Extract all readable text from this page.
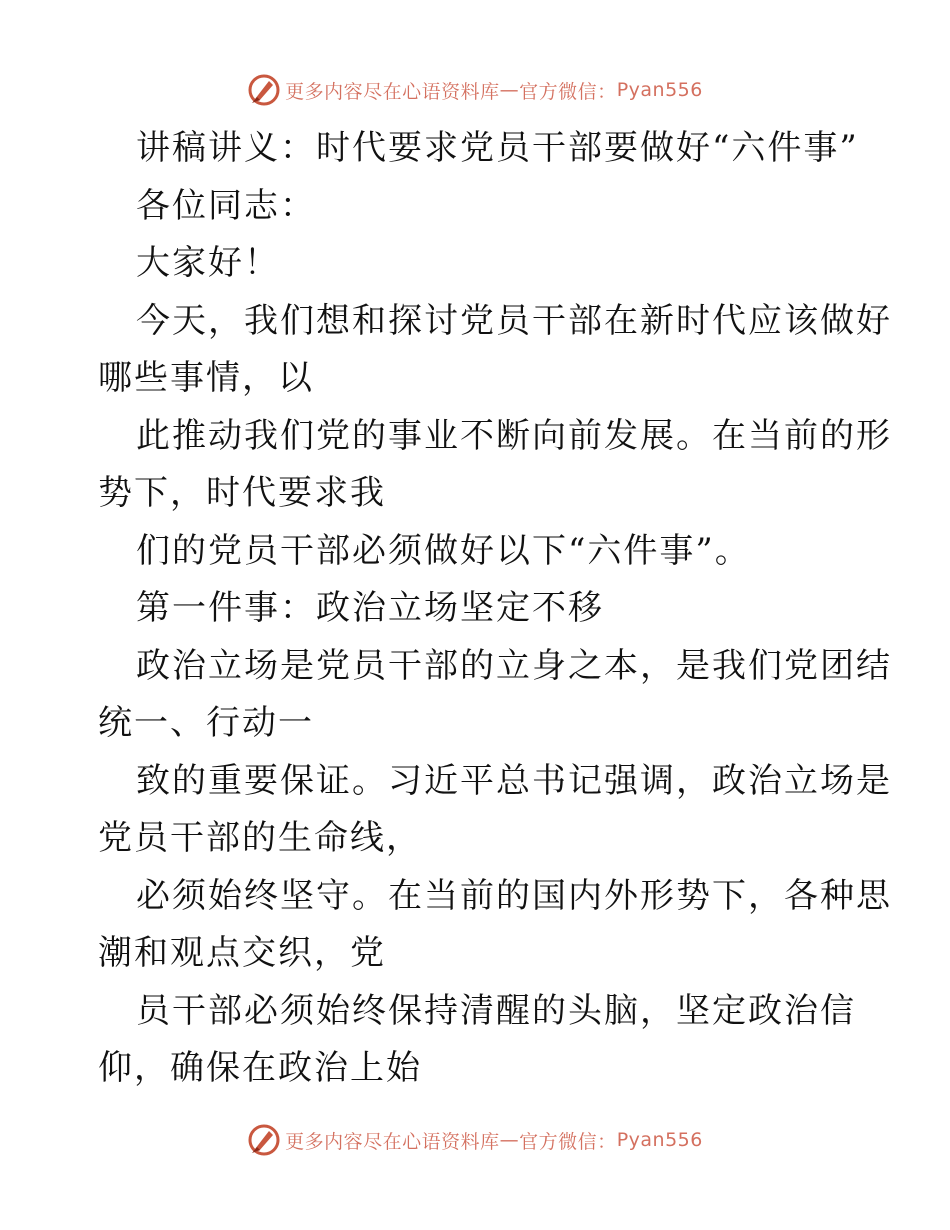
更多内容尽在心语资料库 — 官方微信： Pyan556
讲稿讲义：时代要求党员干部要做好“六件事”
各位同志：
大家好！
今天，我们想和探讨党员干部在新时代应该做好
哪些事情，以
此推动我们党的事业不断向前发展。在当前的形
势下，时代要求我
们的党员干部必须做好以下“六件事”。
第一件事：政治立场坚定不移
政治立场是党员干部的立身之本，是我们党团结
统一、行动一
致的重要保证。习近平总书记强调，政治立场是
党员干部的生命线，
必须始终坚守。在当前的国内外形势下，各种思
潮和观点交织，党
员干部必须始终保持清醒的头脑，坚定政治信
仰，确保在政治上始
更多内容尽在心语资料库 — 官方微信： Pyan556
